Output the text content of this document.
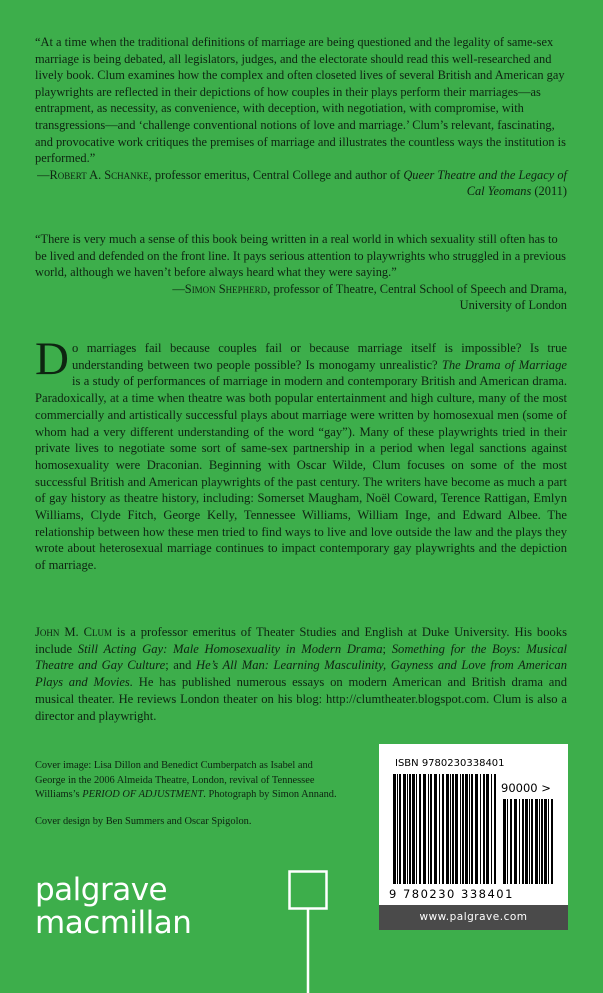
“At a time when the traditional definitions of marriage are being questioned and the legality of same-sex marriage is being debated, all legislators, judges, and the electorate should read this well-researched and lively book. Clum examines how the complex and often closeted lives of several British and American gay playwrights are reflected in their depictions of how couples in their plays perform their marriages—as entrapment, as necessity, as convenience, with deception, with negotiation, with compromise, with transgressions—and ‘challenge conventional notions of love and marriage.’ Clum’s relevant, fascinating, and provocative work critiques the premises of marriage and illustrates the countless ways the institution is performed.”

—Robert A. Schanke, professor emeritus, Central College and author of Queer Theatre and the Legacy of Cal Yeomans (2011)

“There is very much a sense of this book being written in a real world in which sexuality still often has to be lived and defended on the front line. It pays serious attention to playwrights who struggled in a previous world, although we haven’t before always heard what they were saying.”

—Simon Shepherd, professor of Theatre, Central School of Speech and Drama,
University of London

Do marriages fail because couples fail or because marriage itself is impossible? Is true understanding between two people possible? Is monogamy unrealistic? The Drama of Marriage is a study of performances of marriage in modern and contemporary British and American drama. Paradoxically, at a time when theatre was both popular entertainment and high culture, many of the most commercially and artistically successful plays about marriage were written by homosexual men (some of whom had a very different understanding of the word “gay”). Many of these playwrights tried in their private lives to negotiate some sort of same-sex partnership in a period when legal sanctions against homosexuality were Draconian. Beginning with Oscar Wilde, Clum focuses on some of the most successful British and American playwrights of the past century. The writers have become as much a part of gay history as theatre history, including: Somerset Maugham, Noël Coward, Terence Rattigan, Emlyn Williams, Clyde Fitch, George Kelly, Tennessee Williams, William Inge, and Edward Albee. The relationship between how these men tried to find ways to live and love outside the law and the plays they wrote about heterosexual marriage continues to impact contemporary gay playwrights and the depiction of marriage.
John M. Clum is a professor emeritus of Theater Studies and English at Duke University. His books include Still Acting Gay: Male Homosexuality in Modern Drama; Something for the Boys: Musical Theatre and Gay Culture; and He’s All Man: Learning Masculinity, Gayness and Love from American Plays and Movies. He has published numerous essays on modern American and British drama and musical theater. He reviews London theater on his blog: http://clumtheater.blogspot.com. Clum is also a director and playwright.

Cover image: Lisa Dillon and Benedict Cumberpatch as Isabel and George in the 2006 Almeida Theatre, London, revival of Tennessee Williams’s PERIOD OF ADJUSTMENT. Photograph by Simon Annand.

Cover design by Ben Summers and Oscar Spigolon.

palgrave
macmillan
ISBN 9780230338401
90000 >
9 780230 338401
www.palgrave.com
